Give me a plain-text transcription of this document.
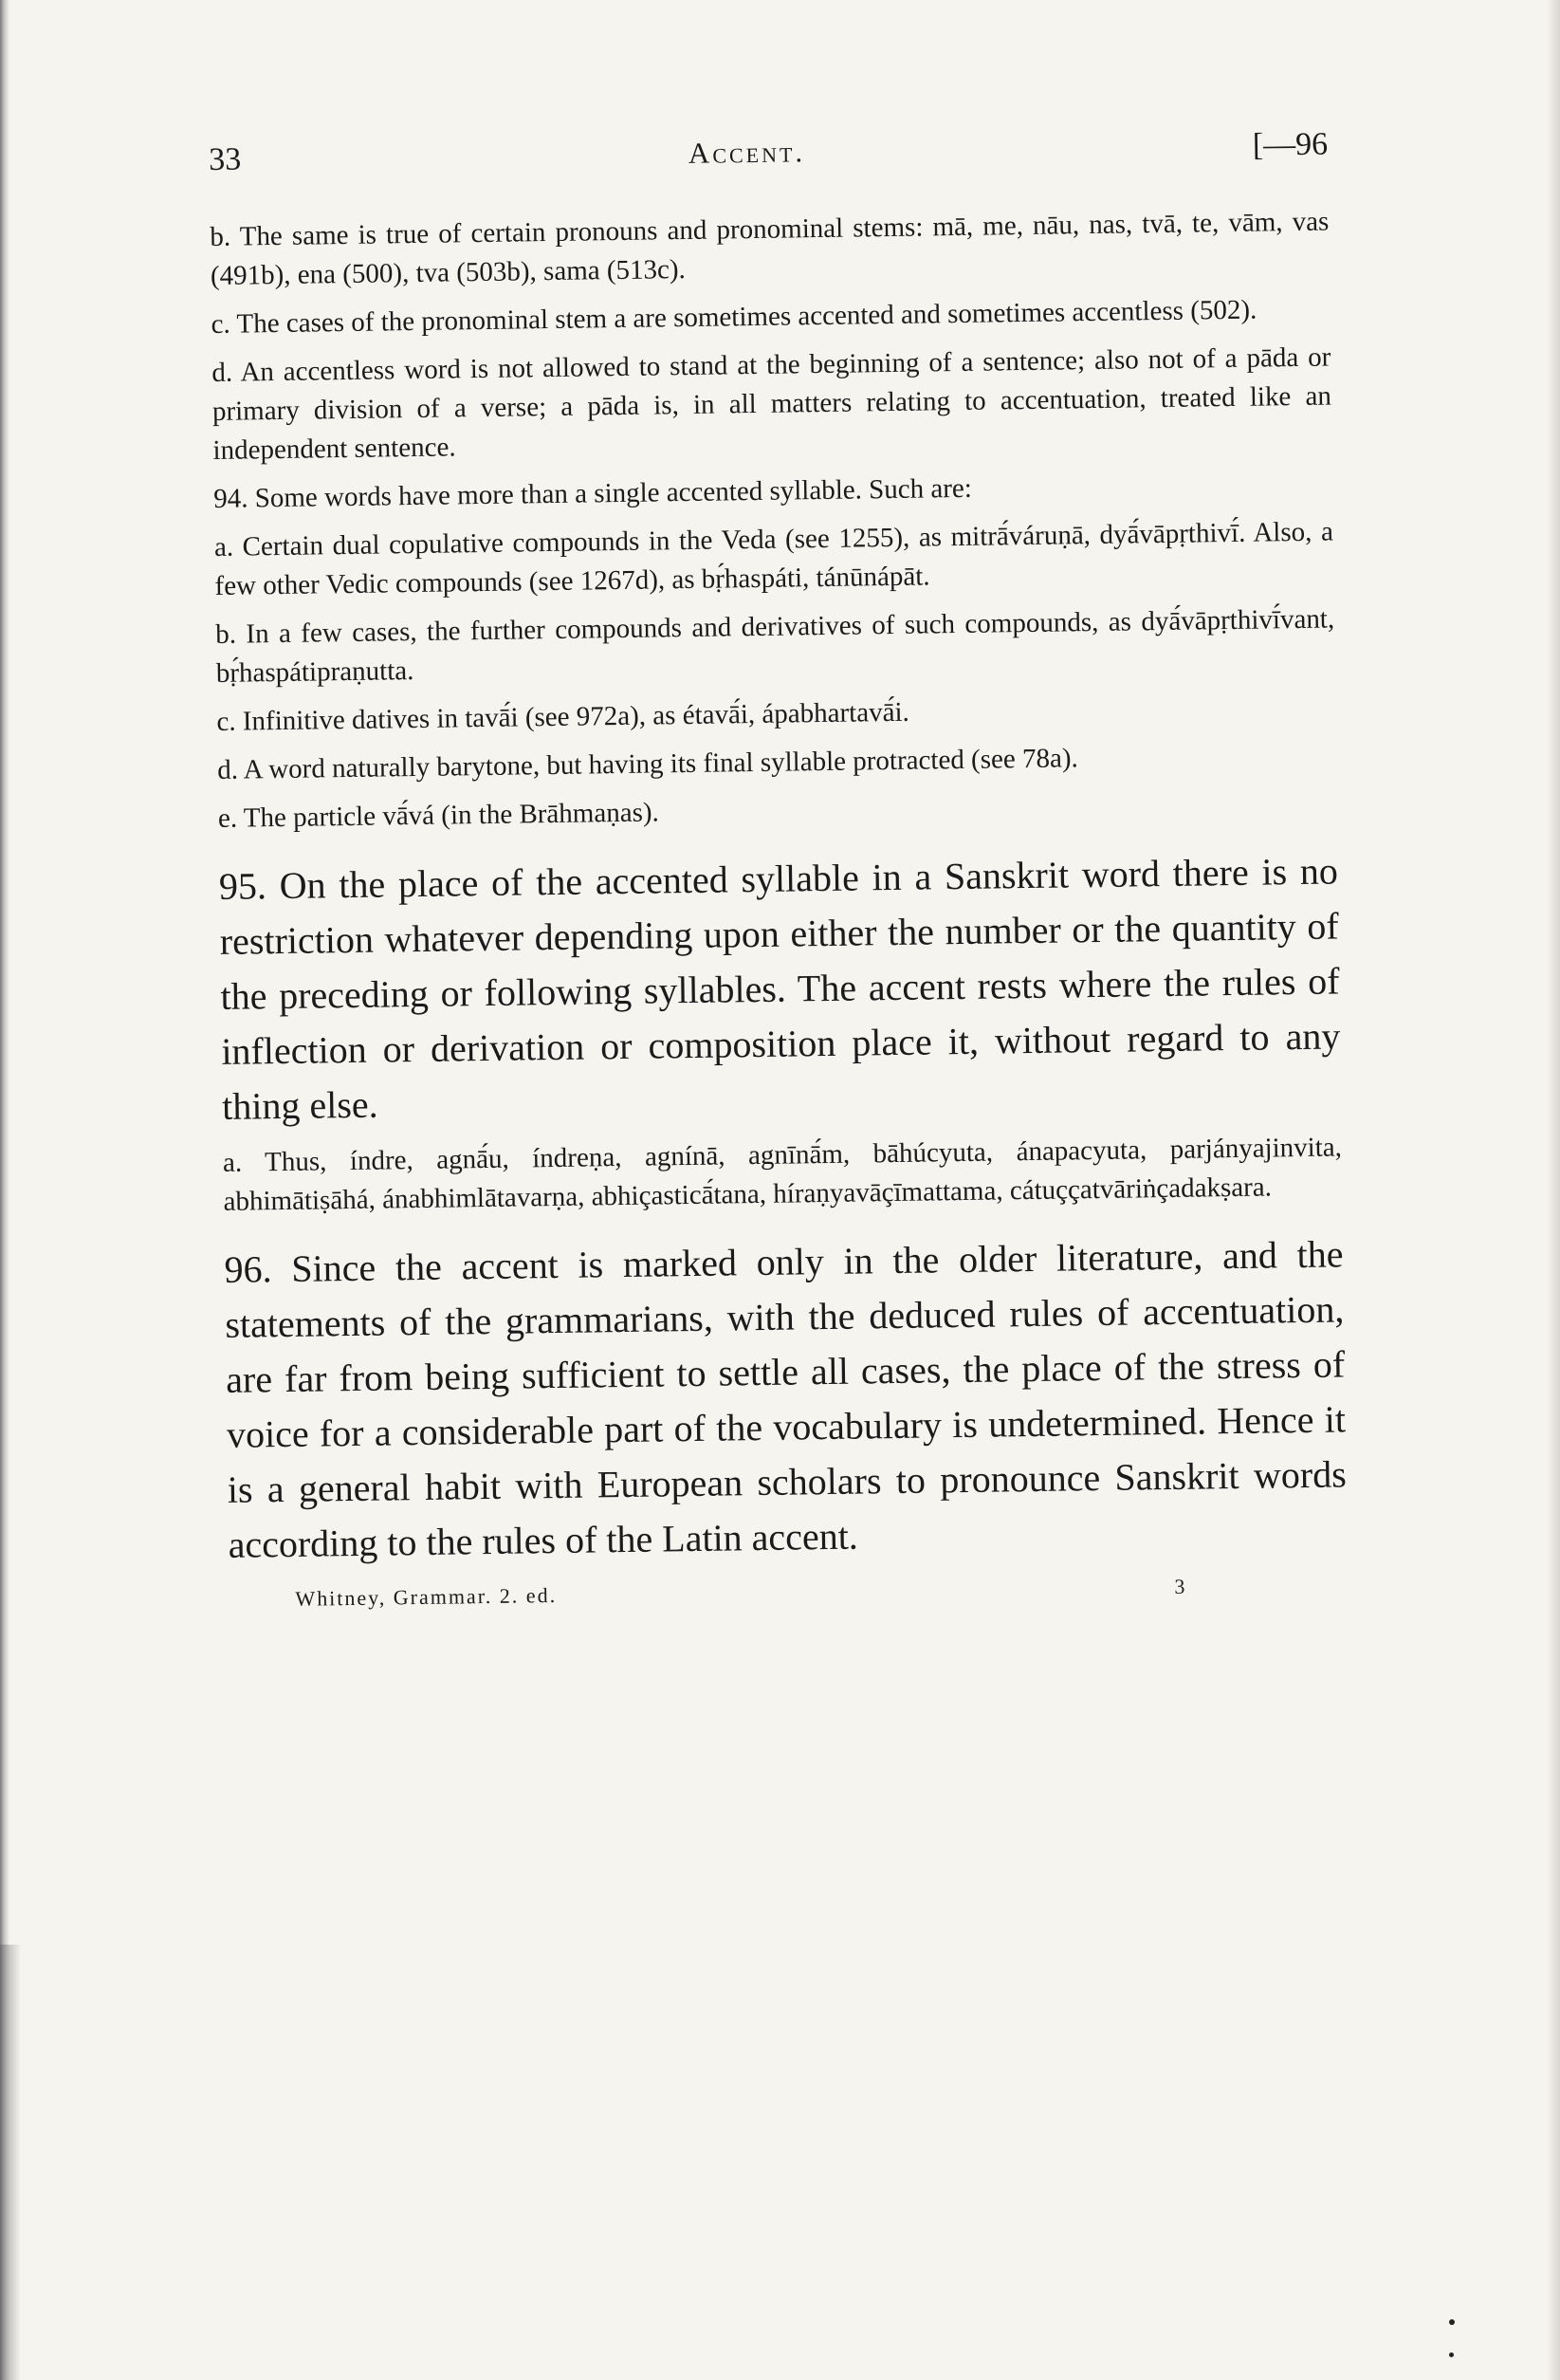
33	Accent.	[—96

b. The same is true of certain pronouns and pronominal stems: mā, me, nāu, nas, tvā, te, vām, vas (491b), ena (500), tva (503b), sama (513c).

c. The cases of the pronominal stem a are sometimes accented and sometimes accentless (502).

d. An accentless word is not allowed to stand at the beginning of a sentence; also not of a pāda or primary division of a verse; a pāda is, in all matters relating to accentuation, treated like an independent sentence.

94. Some words have more than a single accented syllable. Such are:

a. Certain dual copulative compounds in the Veda (see 1255), as mitrā́váruṇā, dyā́vāpṛthivī́. Also, a few other Vedic compounds (see 1267d), as bṛ́haspáti, tánūnápāt.

b. In a few cases, the further compounds and derivatives of such compounds, as dyā́vāpṛthivī́vant, bṛ́haspátipraṇutta.

c. Infinitive datives in tavā́i (see 972a), as étavā́i, ápabhartavā́i.

d. A word naturally barytone, but having its final syllable protracted (see 78a).

e. The particle vā́vá (in the Brāhmaṇas).

95. On the place of the accented syllable in a Sanskrit word there is no restriction whatever depending upon either the number or the quantity of the preceding or following syllables. The accent rests where the rules of inflection or derivation or composition place it, without regard to any thing else.

a. Thus, índre, agnā́u, índreṇa, agnínā, agnīnā́m, bāhúcyuta, ánapacyuta, parjányajinvita, abhimātiṣāhá, ánabhimlātavarṇa, abhiçasticā́tana, híraṇyavāçīmattama, cátuççatvāriṅçadakṣara.

96. Since the accent is marked only in the older literature, and the statements of the grammarians, with the deduced rules of accentuation, are far from being sufficient to settle all cases, the place of the stress of voice for a considerable part of the vocabulary is undetermined. Hence it is a general habit with European scholars to pronounce Sanskrit words according to the rules of the Latin accent.

Whitney, Grammar. 2. ed.	3
